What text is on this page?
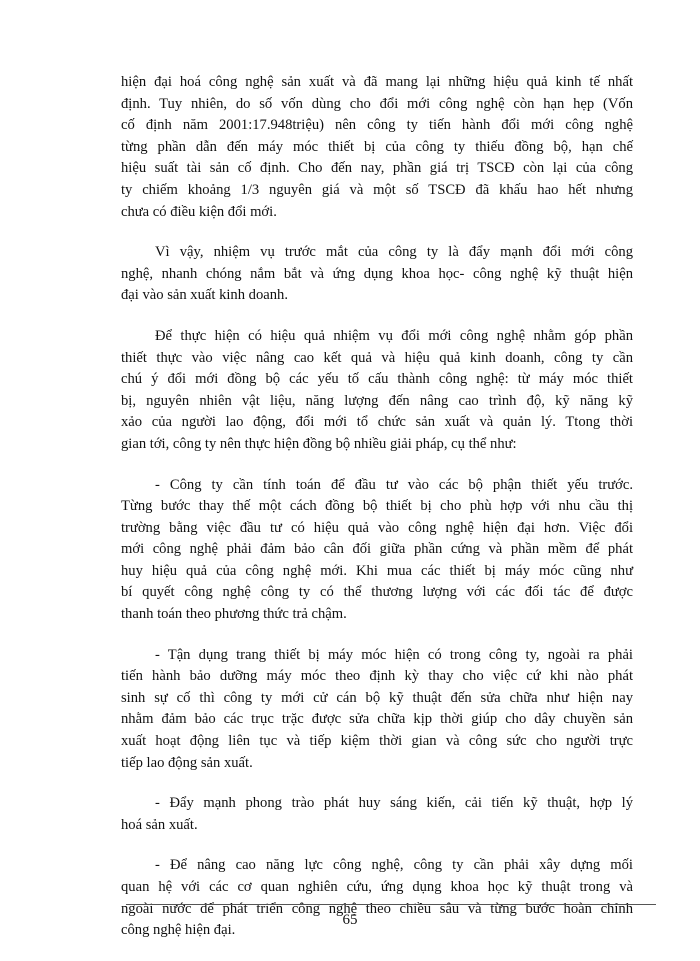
hiện đại hoá công nghệ sản xuất và đã mang lại những hiệu quả kinh tế nhất
định. Tuy nhiên, do số vốn dùng cho đổi mới công nghệ còn hạn hẹp (Vốn
cố định năm 2001:17.948triệu) nên công ty tiến hành đổi mới công nghệ
từng phần dẫn đến máy móc thiết bị của công ty thiếu đồng bộ, hạn chế
hiệu suất tài sản cố định. Cho đến nay, phần giá trị TSCĐ còn lại của công
ty chiếm khoảng 1/3 nguyên giá và một số TSCĐ đã khấu hao hết nhưng
chưa có điều kiện đổi mới.
Vì vậy, nhiệm vụ trước mắt của công ty là đẩy mạnh đổi mới công
nghệ, nhanh chóng nắm bắt và ứng dụng khoa học- công nghệ kỹ thuật hiện
đại vào sản xuất kinh doanh.
Để thực hiện có hiệu quả nhiệm vụ đổi mới công nghệ nhằm góp phần
thiết thực vào việc nâng cao kết quả và hiệu quả kinh doanh, công ty cần
chú ý đổi mới đồng bộ các yếu tố cấu thành công nghệ: từ máy móc thiết
bị, nguyên nhiên vật liệu, năng lượng đến nâng cao trình độ, kỹ năng kỹ
xảo của người lao động, đổi mới tổ chức sản xuất và quản lý. Ttong thời
gian tới, công ty nên thực hiện đồng bộ nhiều giải pháp, cụ thể như:
- Công ty cần tính toán để đầu tư vào các bộ phận thiết yếu trước.
Từng bước thay thế một cách đồng bộ thiết bị cho phù hợp với nhu cầu thị
trường bằng việc đầu tư có hiệu quả vào công nghệ hiện đại hơn. Việc đổi
mới công nghệ phải đảm bảo cân đối giữa phần cứng và phần mềm để phát
huy hiệu quả của công nghệ mới. Khi mua các thiết bị máy móc cũng như
bí quyết công nghệ công ty có thể thương lượng với các đối tác để được
thanh toán theo phương thức trả chậm.
- Tận dụng trang thiết bị máy móc hiện có trong công ty, ngoài ra phải
tiến hành bảo dưỡng máy móc theo định kỳ thay cho việc cứ khi nào phát
sinh sự cố thì công ty mới cử cán bộ kỹ thuật đến sửa chữa như hiện nay
nhằm đảm bảo các trục trặc được sửa chữa kịp thời giúp cho dây chuyền sản
xuất hoạt động liên tục và tiếp kiệm thời gian và công sức cho người trực
tiếp lao động sản xuất.
- Đẩy mạnh phong trào phát huy sáng kiến, cải tiến kỹ thuật, hợp lý
hoá sản xuất.
- Để nâng cao năng lực công nghệ, công ty cần phải xây dựng mối
quan hệ với các cơ quan nghiên cứu, ứng dụng khoa học kỹ thuật trong và
ngoài nước để phát triển công nghệ theo chiều sâu và từng bước hoàn chỉnh
công nghệ hiện đại.
65
